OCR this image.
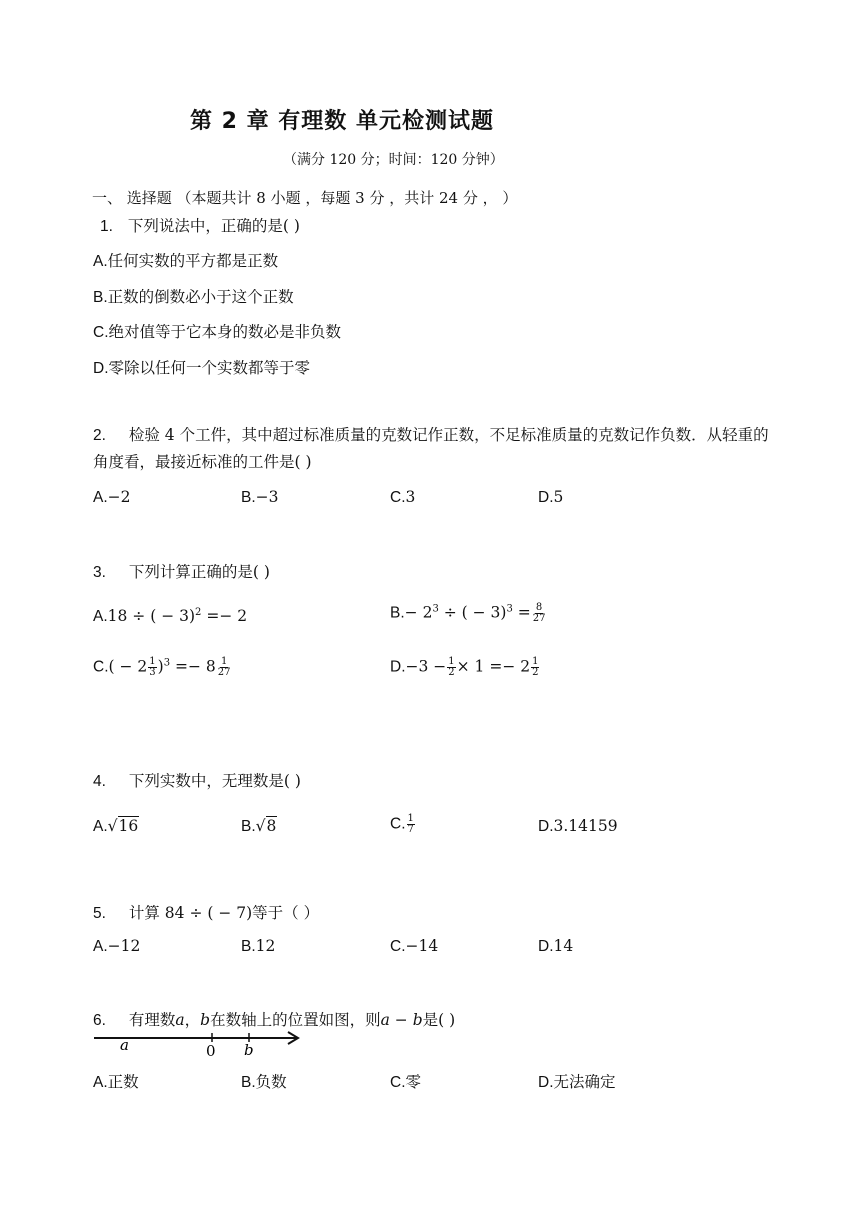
第 2 章 有理数 单元检测试题
（满分 120 分；时间：120 分钟）
一、 选择题 （本题共计 8 小题 ，每题 3 分 ，共计 24 分 ， ）
1. 下列说法中，正确的是( )
A.任何实数的平方都是正数
B.正数的倒数必小于这个正数
C.绝对值等于它本身的数必是非负数
D.零除以任何一个实数都等于零
2. 检验 4 个工件，其中超过标准质量的克数记作正数，不足标准质量的克数记作负数．从轻重的角度看，最接近标准的工件是( )
A.−2	B.−3	C.3	D.5
3. 下列计算正确的是( )
A.18 ÷ ( − 3)$^2$ =− 2	$B.- 2^3$ ÷ ( − $3)^3 = \frac{8}{27}$
$C.( - 2 \frac{1}{3} )^3 =- 8 \frac{1}{27}$	$D.-3 - \frac{1}{2} \times 1 =- 2 \frac{1}{2}$
4. 下列实数中，无理数是( )
A.√16	B.√8	C. $\frac{1}{7}$	D.3.14159
5. 计算 84 ÷ ( − 7)等于（ ）
A.−12	B.12	C.−14	D.14
6. 有理数a，b在数轴上的位置如图，则a − b是( )
a	0 b
A.正数	B.负数	C.零	D.无法确定
